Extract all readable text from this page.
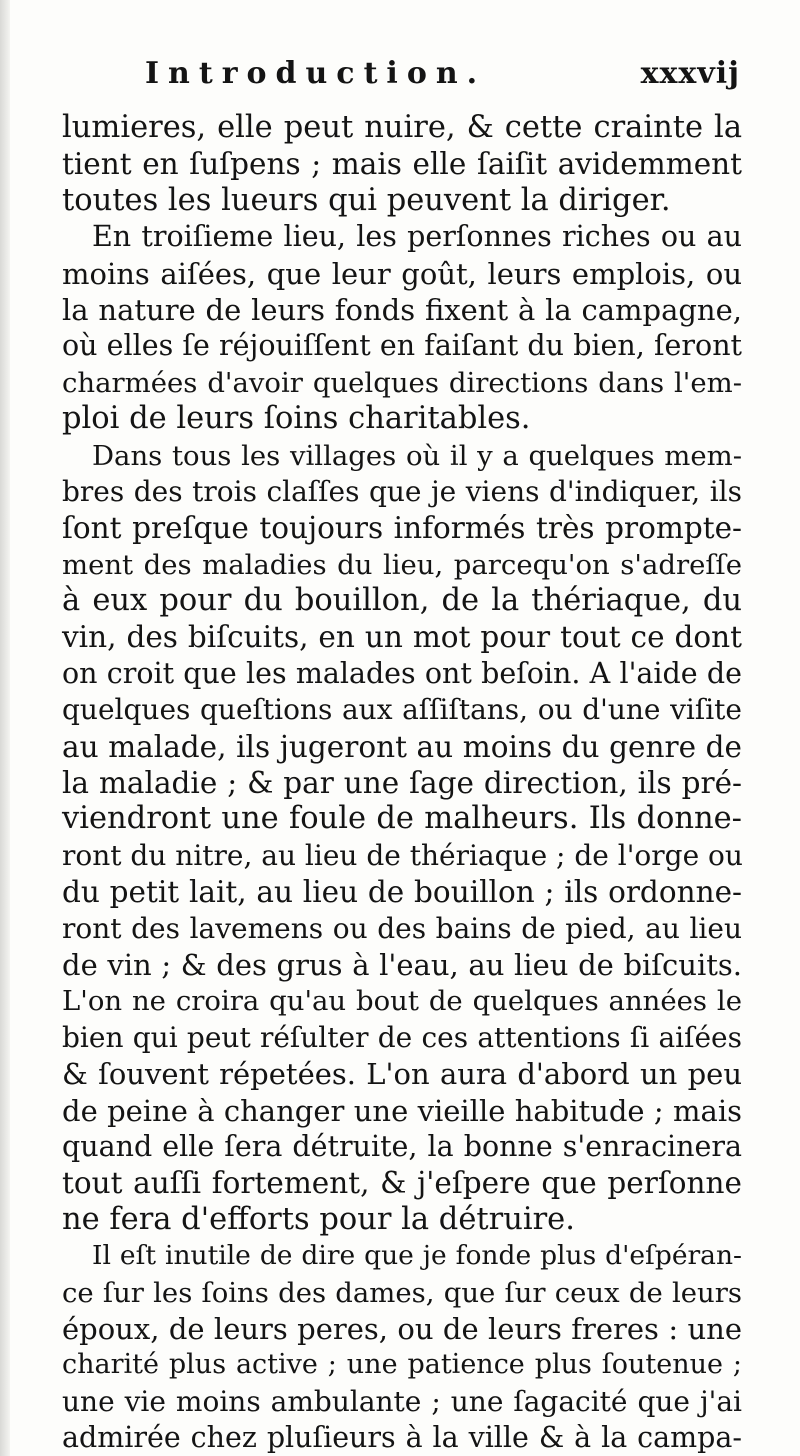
Introduction.	xxxvij
lumieres, elle peut nuire, & cette crainte la
tient en ſuſpens ; mais elle ſaiſit avidemment
toutes les lueurs qui peuvent la diriger.
En troiſieme lieu, les perſonnes riches ou au
moins aiſées, que leur goût, leurs emplois, ou
la nature de leurs fonds fixent à la campagne,
où elles ſe réjouiſſent en faiſant du bien, ſeront
charmées d'avoir quelques directions dans l'em-
ploi de leurs ſoins charitables.
Dans tous les villages où il y a quelques mem-
bres des trois claſſes que je viens d'indiquer, ils
ſont preſque toujours informés très prompte-
ment des maladies du lieu, parcequ'on s'adreſſe
à eux pour du bouillon, de la thériaque, du
vin, des biſcuits, en un mot pour tout ce dont
on croit que les malades ont beſoin. A l'aide de
quelques queſtions aux aſſiſtans, ou d'une viſite
au malade, ils jugeront au moins du genre de
la maladie ; & par une ſage direction, ils pré-
viendront une foule de malheurs. Ils donne-
ront du nitre, au lieu de thériaque ; de l'orge ou
du petit lait, au lieu de bouillon ; ils ordonne-
ront des lavemens ou des bains de pied, au lieu
de vin ; & des grus à l'eau, au lieu de biſcuits.
L'on ne croira qu'au bout de quelques années le
bien qui peut réſulter de ces attentions ſi aiſées
& ſouvent répetées. L'on aura d'abord un peu
de peine à changer une vieille habitude ; mais
quand elle ſera détruite, la bonne s'enracinera
tout auſſi fortement, & j'eſpere que perſonne
ne fera d'efforts pour la détruire.
Il eſt inutile de dire que je fonde plus d'eſpéran-
ce ſur les ſoins des dames, que ſur ceux de leurs
époux, de leurs peres, ou de leurs freres : une
charité plus active ; une patience plus ſoutenue ;
une vie moins ambulante ; une ſagacité que j'ai
admirée chez pluſieurs à la ville & à la campa-
